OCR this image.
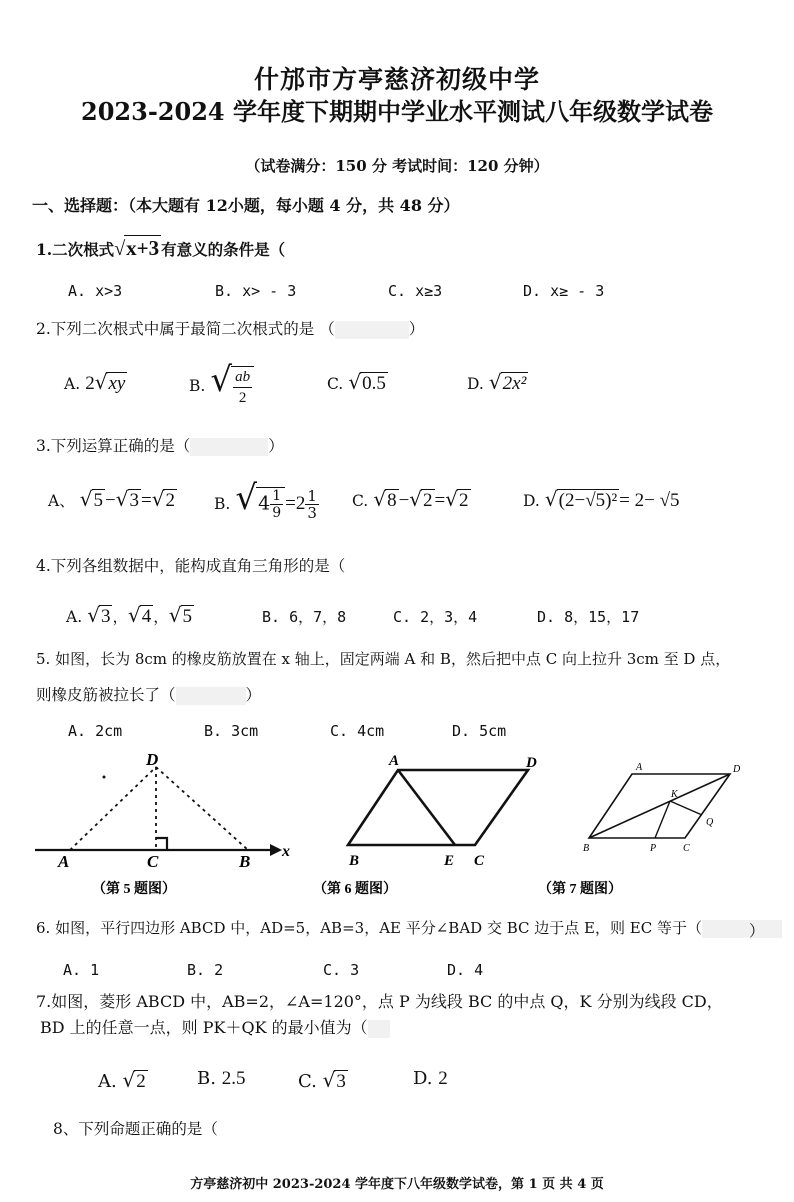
什邡市方亭慈济初级中学
2023-2024 学年度下期期中学业水平测试八年级数学试卷
（试卷满分：150 分 考试时间：120 分钟）
一、选择题：（本大题有 12小题，每小题 4 分，共 48 分）
1.二次根式√x+3 有意义的条件是（
A. x>3	B. x> - 3	C. x≥3	D. x≥ - 3
2.下列二次根式中属于最简二次根式的是 （	）
A. 2√xy	B. √ $\frac{ab}{2}$	C. √0.5	D. √2x²
3.下列运算正确的是（	）
A、 √5 −√3 =√2	B. $√4 \frac{1}{9} =2 \frac{1}{3} C$. √8 −√2 =√2	D. √(2−√5)² = 2− √5
4.下列各组数据中，能构成直角三角形的是（
A. √3 ，√4 ，√5	B. 6，7，8	C. 2，3，4	D. 8，15，17
5. 如图，长为 8cm 的橡皮筋放置在 x 轴上，固定两端 A 和 B，然后把中点 C 向上拉升 3cm 至 D 点，
则橡皮筋被拉长了（	）
A. 2cm	B. 3cm	C. 4cm	D. 5cm
D
A	C	B
x
（第 5 题图）
A	D
B	E C
（第 6 题图）
A	D
K
Q
B	P	C
（第 7 题图）
6. 如图，平行四边形 ABCD 中，AD=5，AB=3，AE 平分∠BAD 交 BC 边于点 E，则 EC 等于（	）
A. 1	B. 2	C. 3	D. 4
7.如图，菱形 ABCD 中，AB=2，∠A=120°，点 P 为线段 BC 的中点 Q，K 分别为线段 CD，
BD 上的任意一点，则 PK＋QK 的最小值为（
A. √2	B. 2.5	C. √3	D. 2
8、下列命题正确的是（
方亭慈济初中 2023-2024 学年度下八年级数学试卷，第 1 页 共 4 页
